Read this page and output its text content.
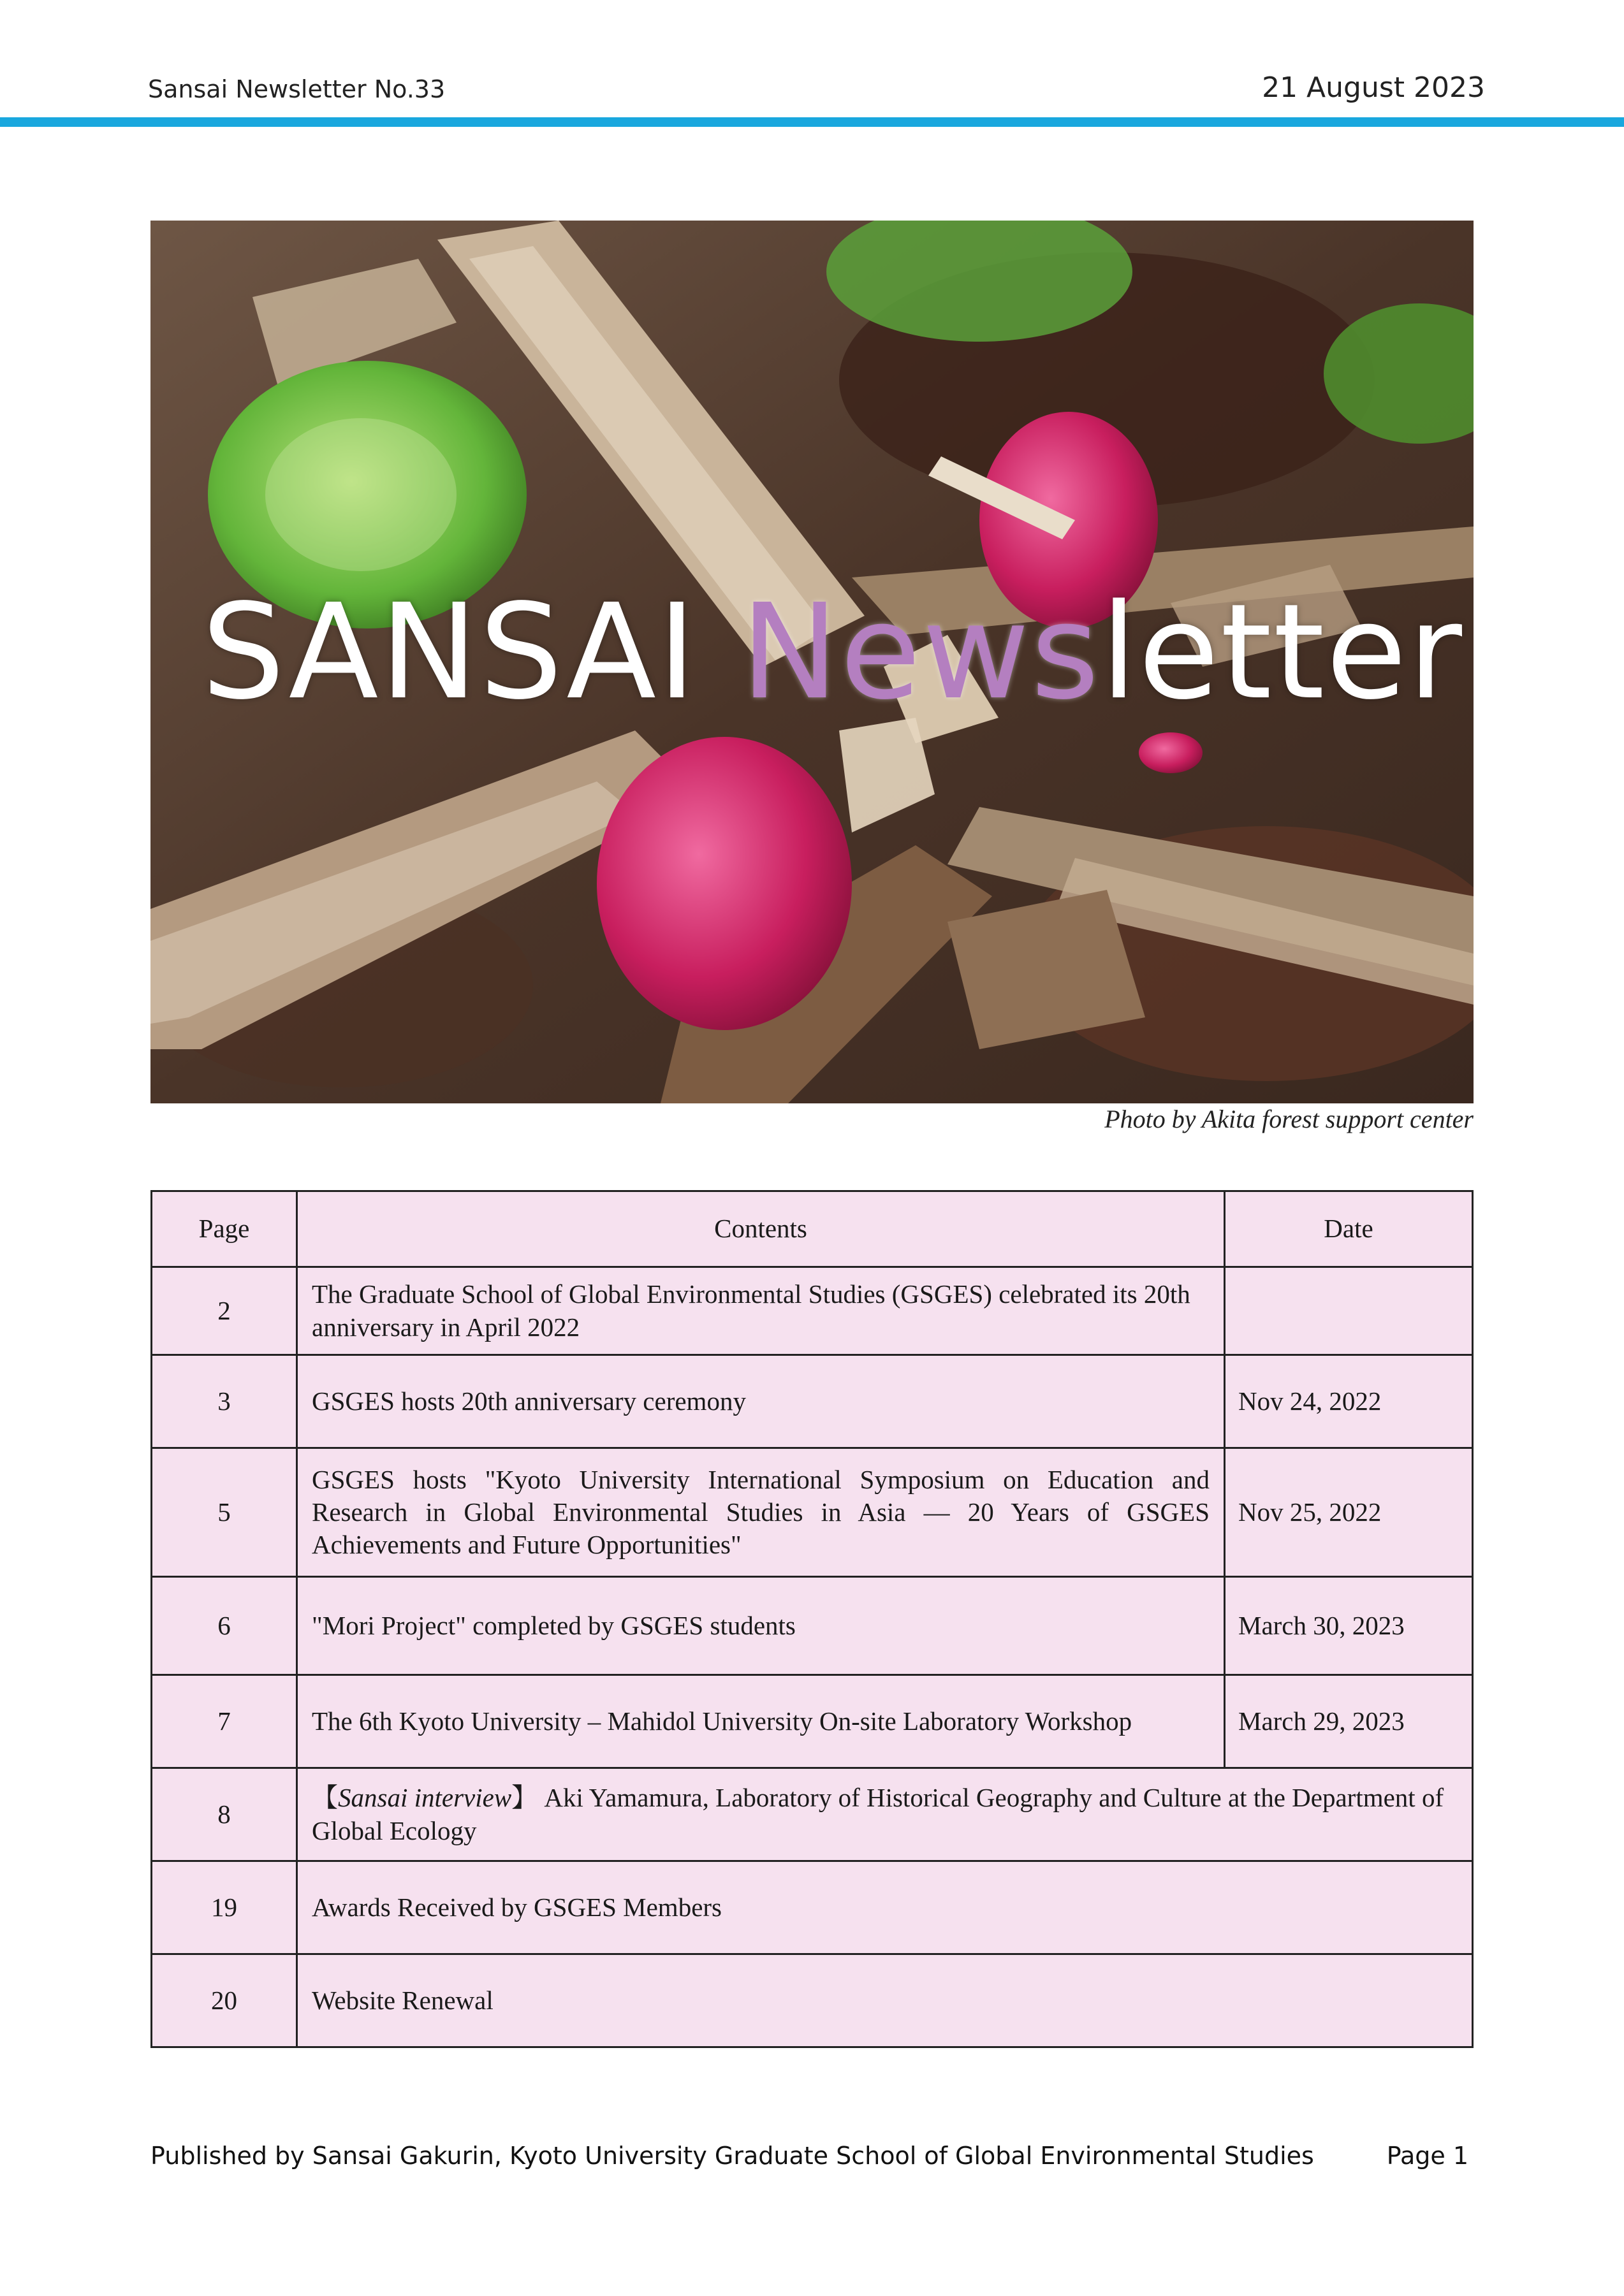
Sansai Newsletter No.33	21 August 2023
SANSAI Newsletter
Photo by Akita forest support center
Page	Contents	Date
2	The Graduate School of Global Environmental Studies (GSGES) celebrated its 20th anniversary in April 2022	
3	GSGES hosts 20th anniversary ceremony	Nov 24, 2022
5	GSGES hosts "Kyoto University International Symposium on Education and Research in Global Environmental Studies in Asia — 20 Years of GSGES Achievements and Future Opportunities"	Nov 25, 2022
6	"Mori Project" completed by GSGES students	March 30, 2023
7	The 6th Kyoto University – Mahidol University On-site Laboratory Workshop	March 29, 2023
8	【Sansai interview】 Aki Yamamura, Laboratory of Historical Geography and Culture at the Department of Global Ecology	
19	Awards Received by GSGES Members	
20	Website Renewal	
Published by Sansai Gakurin, Kyoto University Graduate School of Global Environmental Studies	Page 1
